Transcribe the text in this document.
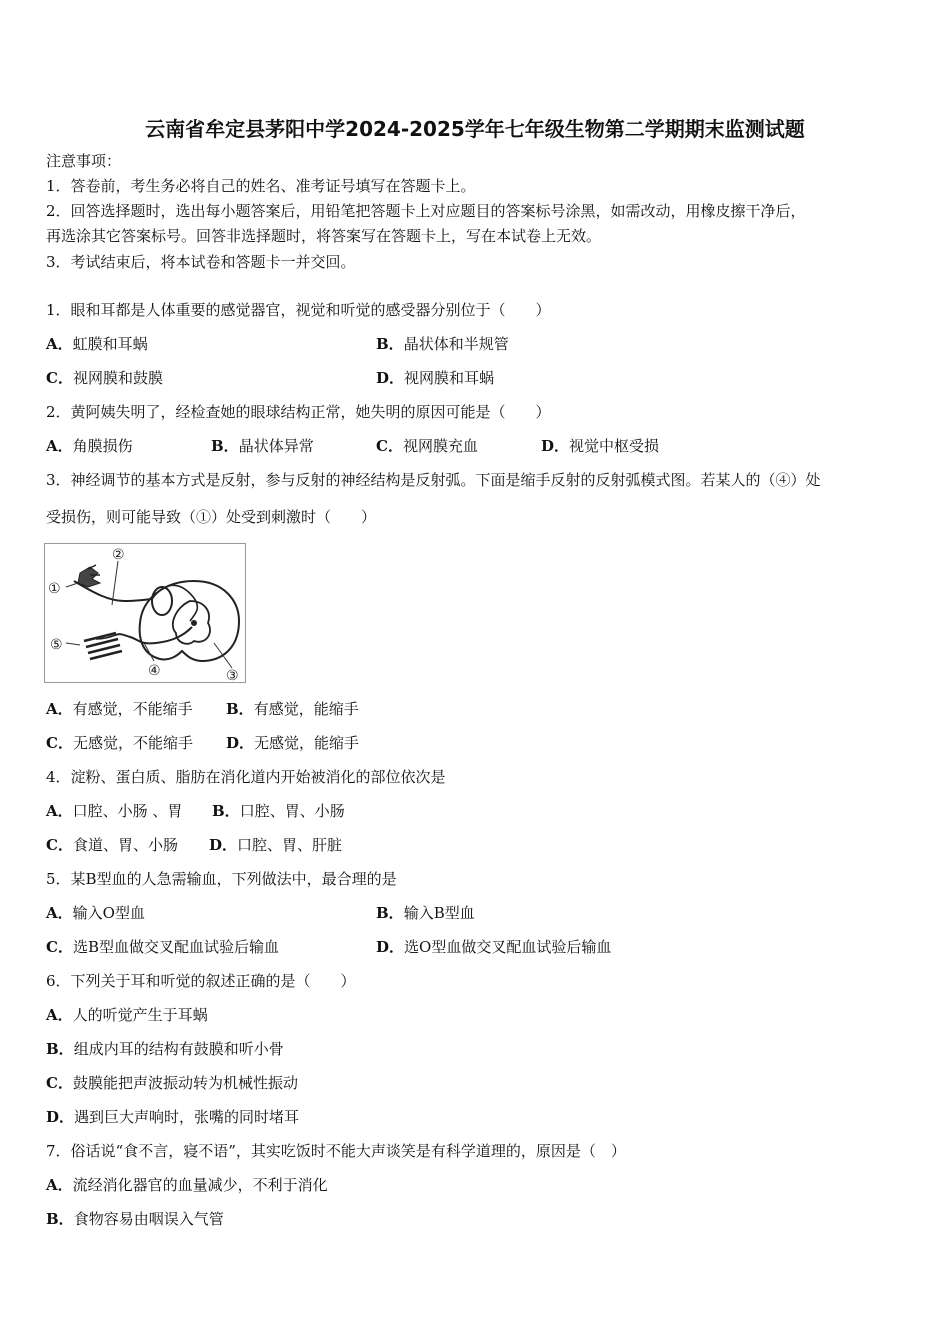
云南省牟定县茅阳中学2024-2025学年七年级生物第二学期期末监测试题
注意事项：
1．答卷前，考生务必将自己的姓名、准考证号填写在答题卡上。
2．回答选择题时，选出每小题答案后，用铅笔把答题卡上对应题目的答案标号涂黑，如需改动，用橡皮擦干净后，
再选涂其它答案标号。回答非选择题时，将答案写在答题卡上，写在本试卷上无效。
3．考试结束后，将本试卷和答题卡一并交回。
1．眼和耳都是人体重要的感觉器官，视觉和听觉的感受器分别位于（　　）
A．虹膜和耳蜗	B．晶状体和半规管
C．视网膜和鼓膜	D．视网膜和耳蜗
2．黄阿姨失明了，经检查她的眼球结构正常，她失明的原因可能是（　　）
A．角膜损伤	B．晶状体异常	C．视网膜充血	D．视觉中枢受损
3．神经调节的基本方式是反射，参与反射的神经结构是反射弧。下面是缩手反射的反射弧模式图。若某人的（④）处
受损伤，则可能导致（①）处受到刺激时（　　）
①
②
③
④
⑤
A．有感觉，不能缩手 B．有感觉，能缩手
C．无感觉，不能缩手 D．无感觉，能缩手
4．淀粉、蛋白质、脂肪在消化道内开始被消化的部位依次是
A．口腔、小肠 、胃 B．口腔、胃、小肠
C．食道、胃、小肠 D．口腔、胃、肝脏
5．某B型血的人急需输血，下列做法中，最合理的是
A．输入O型血	B．输入B型血
C．选B型血做交叉配血试验后输血	D．选O型血做交叉配血试验后输血
6．下列关于耳和听觉的叙述正确的是（　　）
A．人的听觉产生于耳蜗
B．组成内耳的结构有鼓膜和听小骨
C．鼓膜能把声波振动转为机械性振动
D．遇到巨大声响时，张嘴的同时堵耳
7．俗话说“食不言，寝不语”，其实吃饭时不能大声谈笑是有科学道理的，原因是（　）
A．流经消化器官的血量减少，不利于消化
B．食物容易由咽误入气管
